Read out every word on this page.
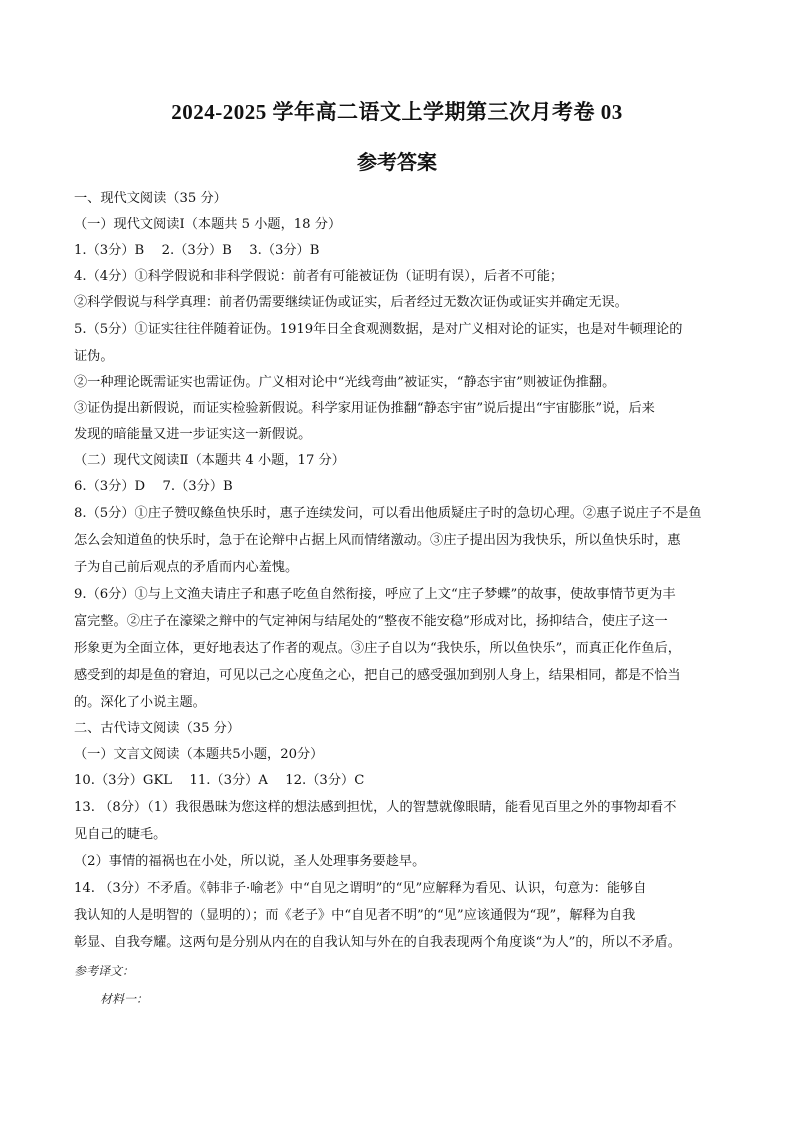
2024-2025 学年高二语文上学期第三次月考卷 03
参考答案

一、现代文阅读（35 分）

（一）现代文阅读Ⅰ（本题共 5 小题，18 分）

1.（3分）B　 2.（3分）B　 3.（3分）B

4.（4分）①科学假说和非科学假说：前者有可能被证伪（证明有误），后者不可能；

②科学假说与科学真理：前者仍需要继续证伪或证实，后者经过无数次证伪或证实并确定无误。

5.（5分）①证实往往伴随着证伪。1919年日全食观测数据，是对广义相对论的证实，也是对牛顿理论的

证伪。

②一种理论既需证实也需证伪。广义相对论中“光线弯曲”被证实，“静态宇宙”则被证伪推翻。

③证伪提出新假说，而证实检验新假说。科学家用证伪推翻“静态宇宙”说后提出“宇宙膨胀”说，后来

发现的暗能量又进一步证实这一新假说。

（二）现代文阅读Ⅱ（本题共 4 小题，17 分）

6.（3分）D　 7.（3分）B

8.（5分）①庄子赞叹鲦鱼快乐时，惠子连续发问，可以看出他质疑庄子时的急切心理。②惠子说庄子不是鱼

怎么会知道鱼的快乐时，急于在论辩中占据上风而情绪激动。③庄子提出因为我快乐，所以鱼快乐时，惠

子为自己前后观点的矛盾而内心羞愧。

9.（6分）①与上文渔夫请庄子和惠子吃鱼自然衔接，呼应了上文“庄子梦蝶”的故事，使故事情节更为丰

富完整。②庄子在濠梁之辩中的气定神闲与结尾处的“整夜不能安稳”形成对比，扬抑结合，使庄子这一

形象更为全面立体，更好地表达了作者的观点。③庄子自以为“我快乐，所以鱼快乐”，而真正化作鱼后，

感受到的却是鱼的窘迫，可见以己之心度鱼之心，把自己的感受强加到别人身上，结果相同，都是不恰当

的。深化了小说主题。

二、古代诗文阅读（35 分）

（一）文言文阅读（本题共5小题，20分）

10.（3分）GKL　 11.（3分）A　 12.（3分）C

13. （8分）（1）我很愚昧为您这样的想法感到担忧，人的智慧就像眼睛，能看见百里之外的事物却看不

见自己的睫毛。

（2）事情的福祸也在小处，所以说，圣人处理事务要趁早。

14. （3分）不矛盾。《韩非子·喻老》中“自见之谓明”的“见”应解释为看见、认识，句意为：能够自

我认知的人是明智的（显明的）；而《老子》中“自见者不明”的“见”应该通假为“现”，解释为自我

彰显、自我夸耀。这两句是分别从内在的自我认知与外在的自我表现两个角度谈“为人”的，所以不矛盾。

参考译文：

材料一：
